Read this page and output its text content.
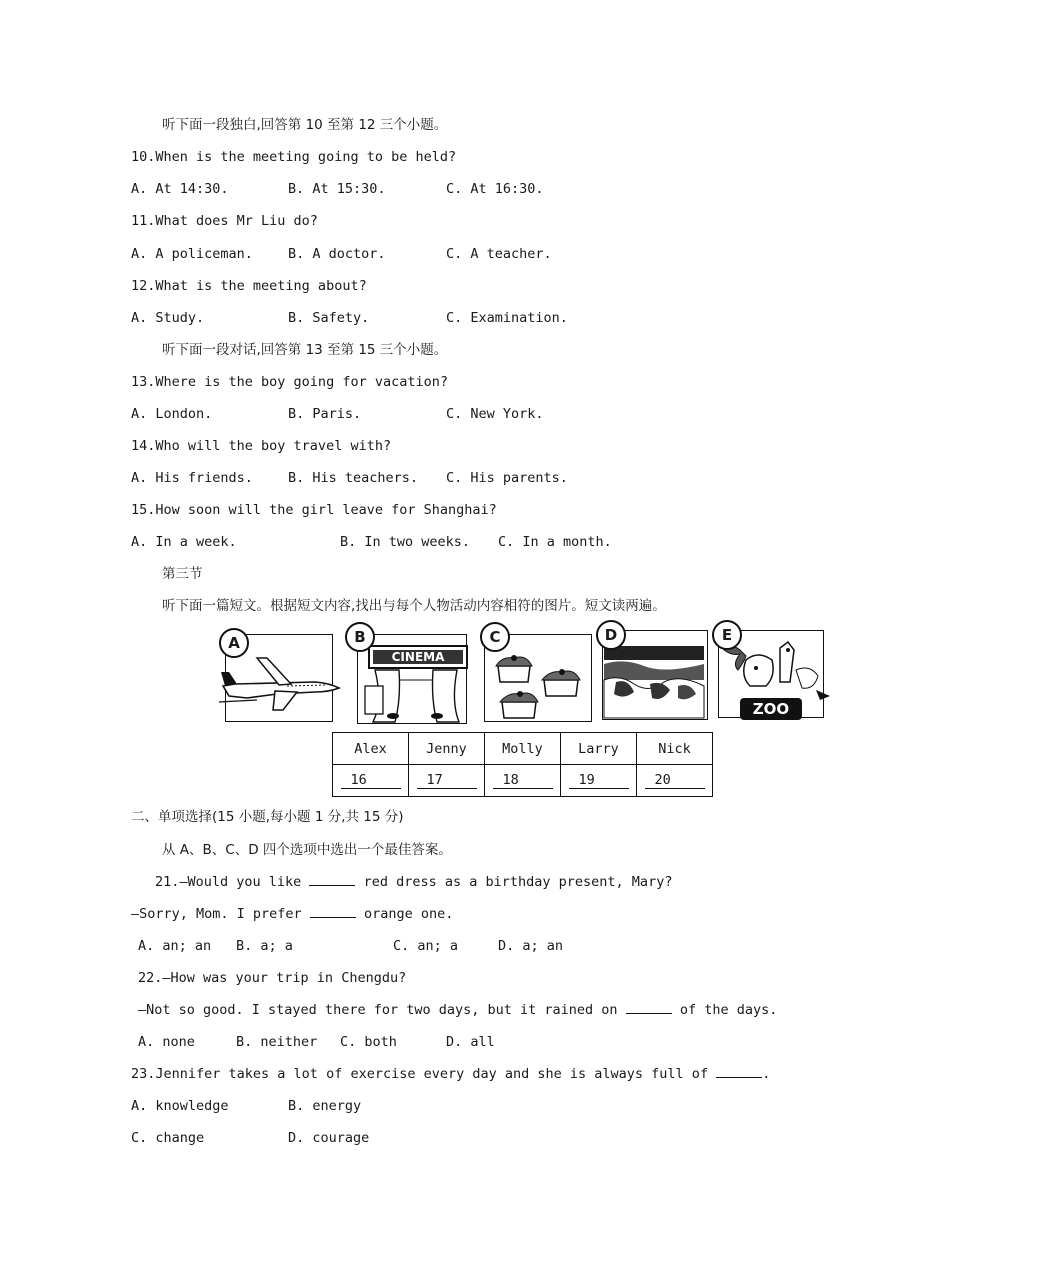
听下面一段独白,回答第 10 至第 12 三个小题。
10.When is the meeting going to be held?
A. At 14:30.	B. At 15:30.	C. At 16:30.
11.What does Mr Liu do?
A. A policeman.	B. A doctor.	C. A teacher.
12.What is the meeting about?
A. Study.	B. Safety.	C. Examination.
听下面一段对话,回答第 13 至第 15 三个小题。
13.Where is the boy going for vacation?
A. London.	B. Paris.	C. New York.
14.Who will the boy travel with?
A. His friends.	B. His teachers. C. His parents.
15.How soon will the girl leave for Shanghai?
A. In a week.	B. In two weeks. C. In a month.
第三节
听下面一篇短文。根据短文内容,找出与每个人物活动内容相符的图片。短文读两遍。
A
CINEMA
B	C	D
ZOO
E
Alex	Jenny	Molly	Larry	Nick
16	17	18	19	20
二、单项选择(15 小题,每小题 1 分,共 15 分)
从 A、B、C、D 四个选项中选出一个最佳答案。
21.—Would you like	red dress as a birthday present, Mary?
—Sorry, Mom. I prefer	orange one.
A. an; an B. a; a	C. an; a	D. a; an
22.—How was your trip in Chengdu?
—Not so good. I stayed there for two days, but it rained on	of the days.
A. none	B. neither C. both	D. all
23.Jennifer takes a lot of exercise every day and she is always full of	.
A. knowledge	B. energy
C. change	D. courage
